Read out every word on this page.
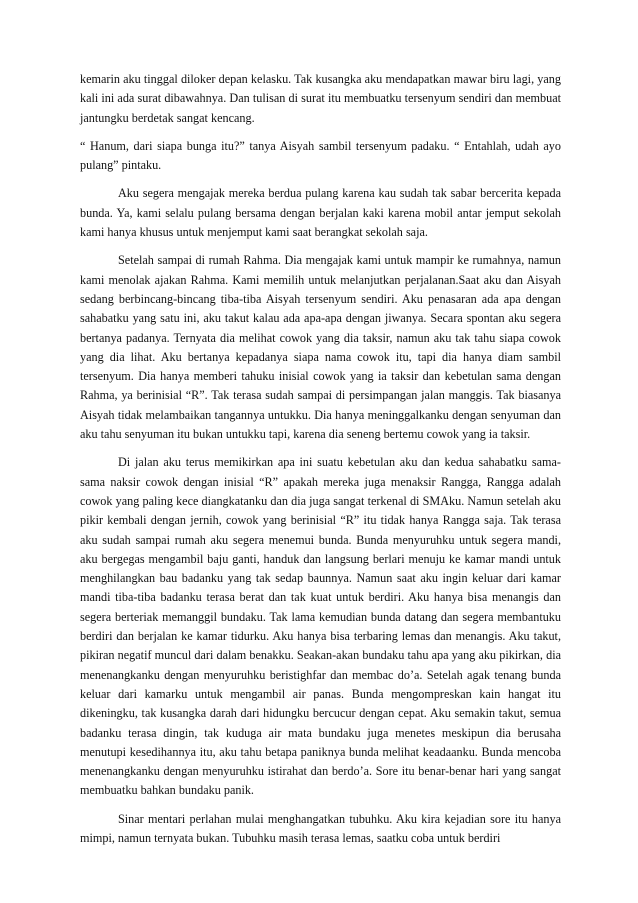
kemarin aku tinggal diloker depan kelasku. Tak kusangka aku mendapatkan mawar biru lagi, yang kali ini ada surat dibawahnya. Dan tulisan di surat itu membuatku tersenyum sendiri dan membuat jantungku berdetak sangat kencang.

“ Hanum, dari siapa bunga itu?” tanya Aisyah sambil tersenyum padaku. “ Entahlah, udah ayo pulang” pintaku.

Aku segera mengajak mereka berdua pulang karena kau sudah tak sabar bercerita kepada bunda. Ya, kami selalu pulang bersama dengan berjalan kaki karena mobil antar jemput sekolah kami hanya khusus untuk menjemput kami saat berangkat sekolah saja.

Setelah sampai di rumah Rahma. Dia mengajak kami untuk mampir ke rumahnya, namun kami menolak ajakan Rahma. Kami memilih untuk melanjutkan perjalanan.Saat aku dan Aisyah sedang berbincang-bincang tiba-tiba Aisyah tersenyum sendiri. Aku penasaran ada apa dengan sahabatku yang satu ini, aku takut kalau ada apa-apa dengan jiwanya. Secara spontan aku segera bertanya padanya. Ternyata dia melihat cowok yang dia taksir, namun aku tak tahu siapa cowok yang dia lihat. Aku bertanya kepadanya siapa nama cowok itu, tapi dia hanya diam sambil tersenyum. Dia hanya memberi tahuku inisial cowok yang ia taksir dan kebetulan sama dengan Rahma, ya berinisial “R”. Tak terasa sudah sampai di persimpangan jalan manggis. Tak biasanya Aisyah tidak melambaikan tangannya untukku. Dia hanya meninggalkanku dengan senyuman dan aku tahu senyuman itu bukan untukku tapi, karena dia seneng bertemu cowok yang ia taksir.

Di jalan aku terus memikirkan apa ini suatu kebetulan aku dan kedua sahabatku sama-sama naksir cowok dengan inisial “R” apakah mereka juga menaksir Rangga, Rangga adalah cowok yang paling kece diangkatanku dan dia juga sangat terkenal di SMAku. Namun setelah aku pikir kembali dengan jernih, cowok yang berinisial “R” itu tidak hanya Rangga saja. Tak terasa aku sudah sampai rumah aku segera menemui bunda. Bunda menyuruhku untuk segera mandi, aku bergegas mengambil baju ganti, handuk dan langsung berlari menuju ke kamar mandi untuk menghilangkan bau badanku yang tak sedap baunnya. Namun saat aku ingin keluar dari kamar mandi tiba-tiba badanku terasa berat dan tak kuat untuk berdiri. Aku hanya bisa menangis dan segera berteriak memanggil bundaku. Tak lama kemudian bunda datang dan segera membantuku berdiri dan berjalan ke kamar tidurku. Aku hanya bisa terbaring lemas dan menangis. Aku takut, pikiran negatif muncul dari dalam benakku. Seakan-akan bundaku tahu apa yang aku pikirkan, dia menenangkanku dengan menyuruhku beristighfar dan membac do’a. Setelah agak tenang bunda keluar dari kamarku untuk mengambil air panas. Bunda mengompreskan kain hangat itu dikeningku, tak kusangka darah dari hidungku bercucur dengan cepat. Aku semakin takut, semua badanku terasa dingin, tak kuduga air mata bundaku juga menetes meskipun dia berusaha menutupi kesedihannya itu, aku tahu betapa paniknya bunda melihat keadaanku. Bunda mencoba menenangkanku dengan menyuruhku istirahat dan berdo’a. Sore itu benar-benar hari yang sangat membuatku bahkan bundaku panik.

Sinar mentari perlahan mulai menghangatkan tubuhku. Aku kira kejadian sore itu hanya mimpi, namun ternyata bukan. Tubuhku masih terasa lemas, saatku coba untuk berdiri
